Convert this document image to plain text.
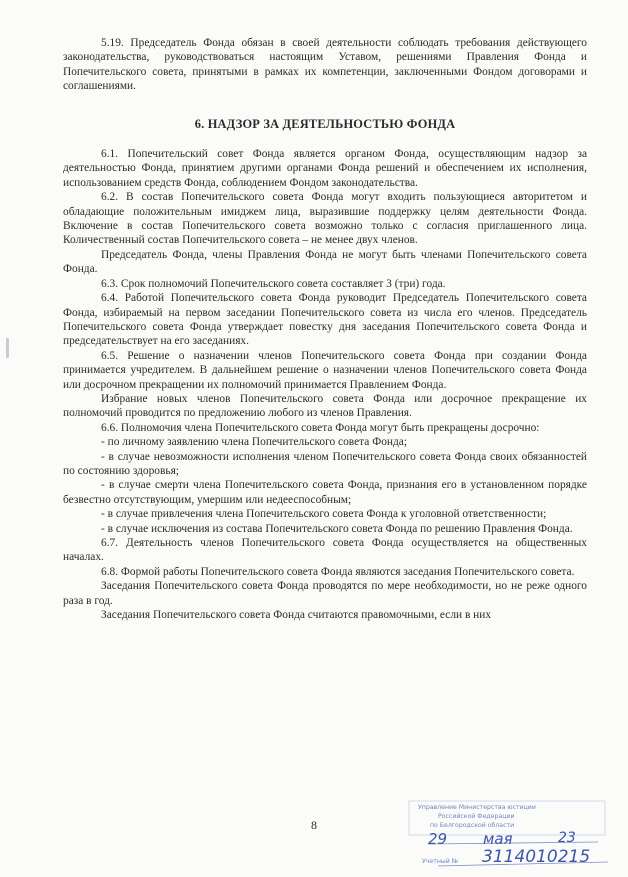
5.19. Председатель Фонда обязан в своей деятельности соблюдать требования действующего законодательства, руководствоваться настоящим Уставом, решениями Правления Фонда и Попечительского совета, принятыми в рамках их компетенции, заключенными Фондом договорами и соглашениями.

6. НАДЗОР ЗА ДЕЯТЕЛЬНОСТЬЮ ФОНДА

6.1. Попечительский совет Фонда является органом Фонда, осуществляющим надзор за деятельностью Фонда, принятием другими органами Фонда решений и обеспечением их исполнения, использованием средств Фонда, соблюдением Фондом законодательства.

6.2. В состав Попечительского совета Фонда могут входить пользующиеся авторитетом и обладающие положительным имиджем лица, выразившие поддержку целям деятельности Фонда. Включение в состав Попечительского совета возможно только с согласия приглашенного лица. Количественный состав Попечительского совета – не менее двух членов.

Председатель Фонда, члены Правления Фонда не могут быть членами Попечительского совета Фонда.

6.3. Срок полномочий Попечительского совета составляет 3 (три) года.

6.4. Работой Попечительского совета Фонда руководит Председатель Попечительского совета Фонда, избираемый на первом заседании Попечительского совета из числа его членов. Председатель Попечительского совета Фонда утверждает повестку дня заседания Попечительского совета Фонда и председательствует на его заседаниях.

6.5. Решение о назначении членов Попечительского совета Фонда при создании Фонда принимается учредителем. В дальнейшем решение о назначении членов Попечительского совета Фонда или досрочном прекращении их полномочий принимается Правлением Фонда.

Избрание новых членов Попечительского совета Фонда или досрочное прекращение их полномочий проводится по предложению любого из членов Правления.

6.6. Полномочия члена Попечительского совета Фонда могут быть прекращены досрочно:

- по личному заявлению члена Попечительского совета Фонда;

- в случае невозможности исполнения членом Попечительского совета Фонда своих обязанностей по состоянию здоровья;

- в случае смерти члена Попечительского совета Фонда, признания его в установленном порядке безвестно отсутствующим, умершим или недееспособным;

- в случае привлечения члена Попечительского совета Фонда к уголовной ответственности;

- в случае исключения из состава Попечительского совета Фонда по решению Правления Фонда.

6.7. Деятельность членов Попечительского совета Фонда осуществляется на общественных началах.

6.8. Формой работы Попечительского совета Фонда являются заседания Попечительского совета.

Заседания Попечительского совета Фонда проводятся по мере необходимости, но не реже одного раза в год.

Заседания Попечительского совета Фонда считаются правомочными, если в них

8
Управление Министерства юстиции
Российской Федерации
по Белгородской области
29 мая	23
Учетный № 3114010215
